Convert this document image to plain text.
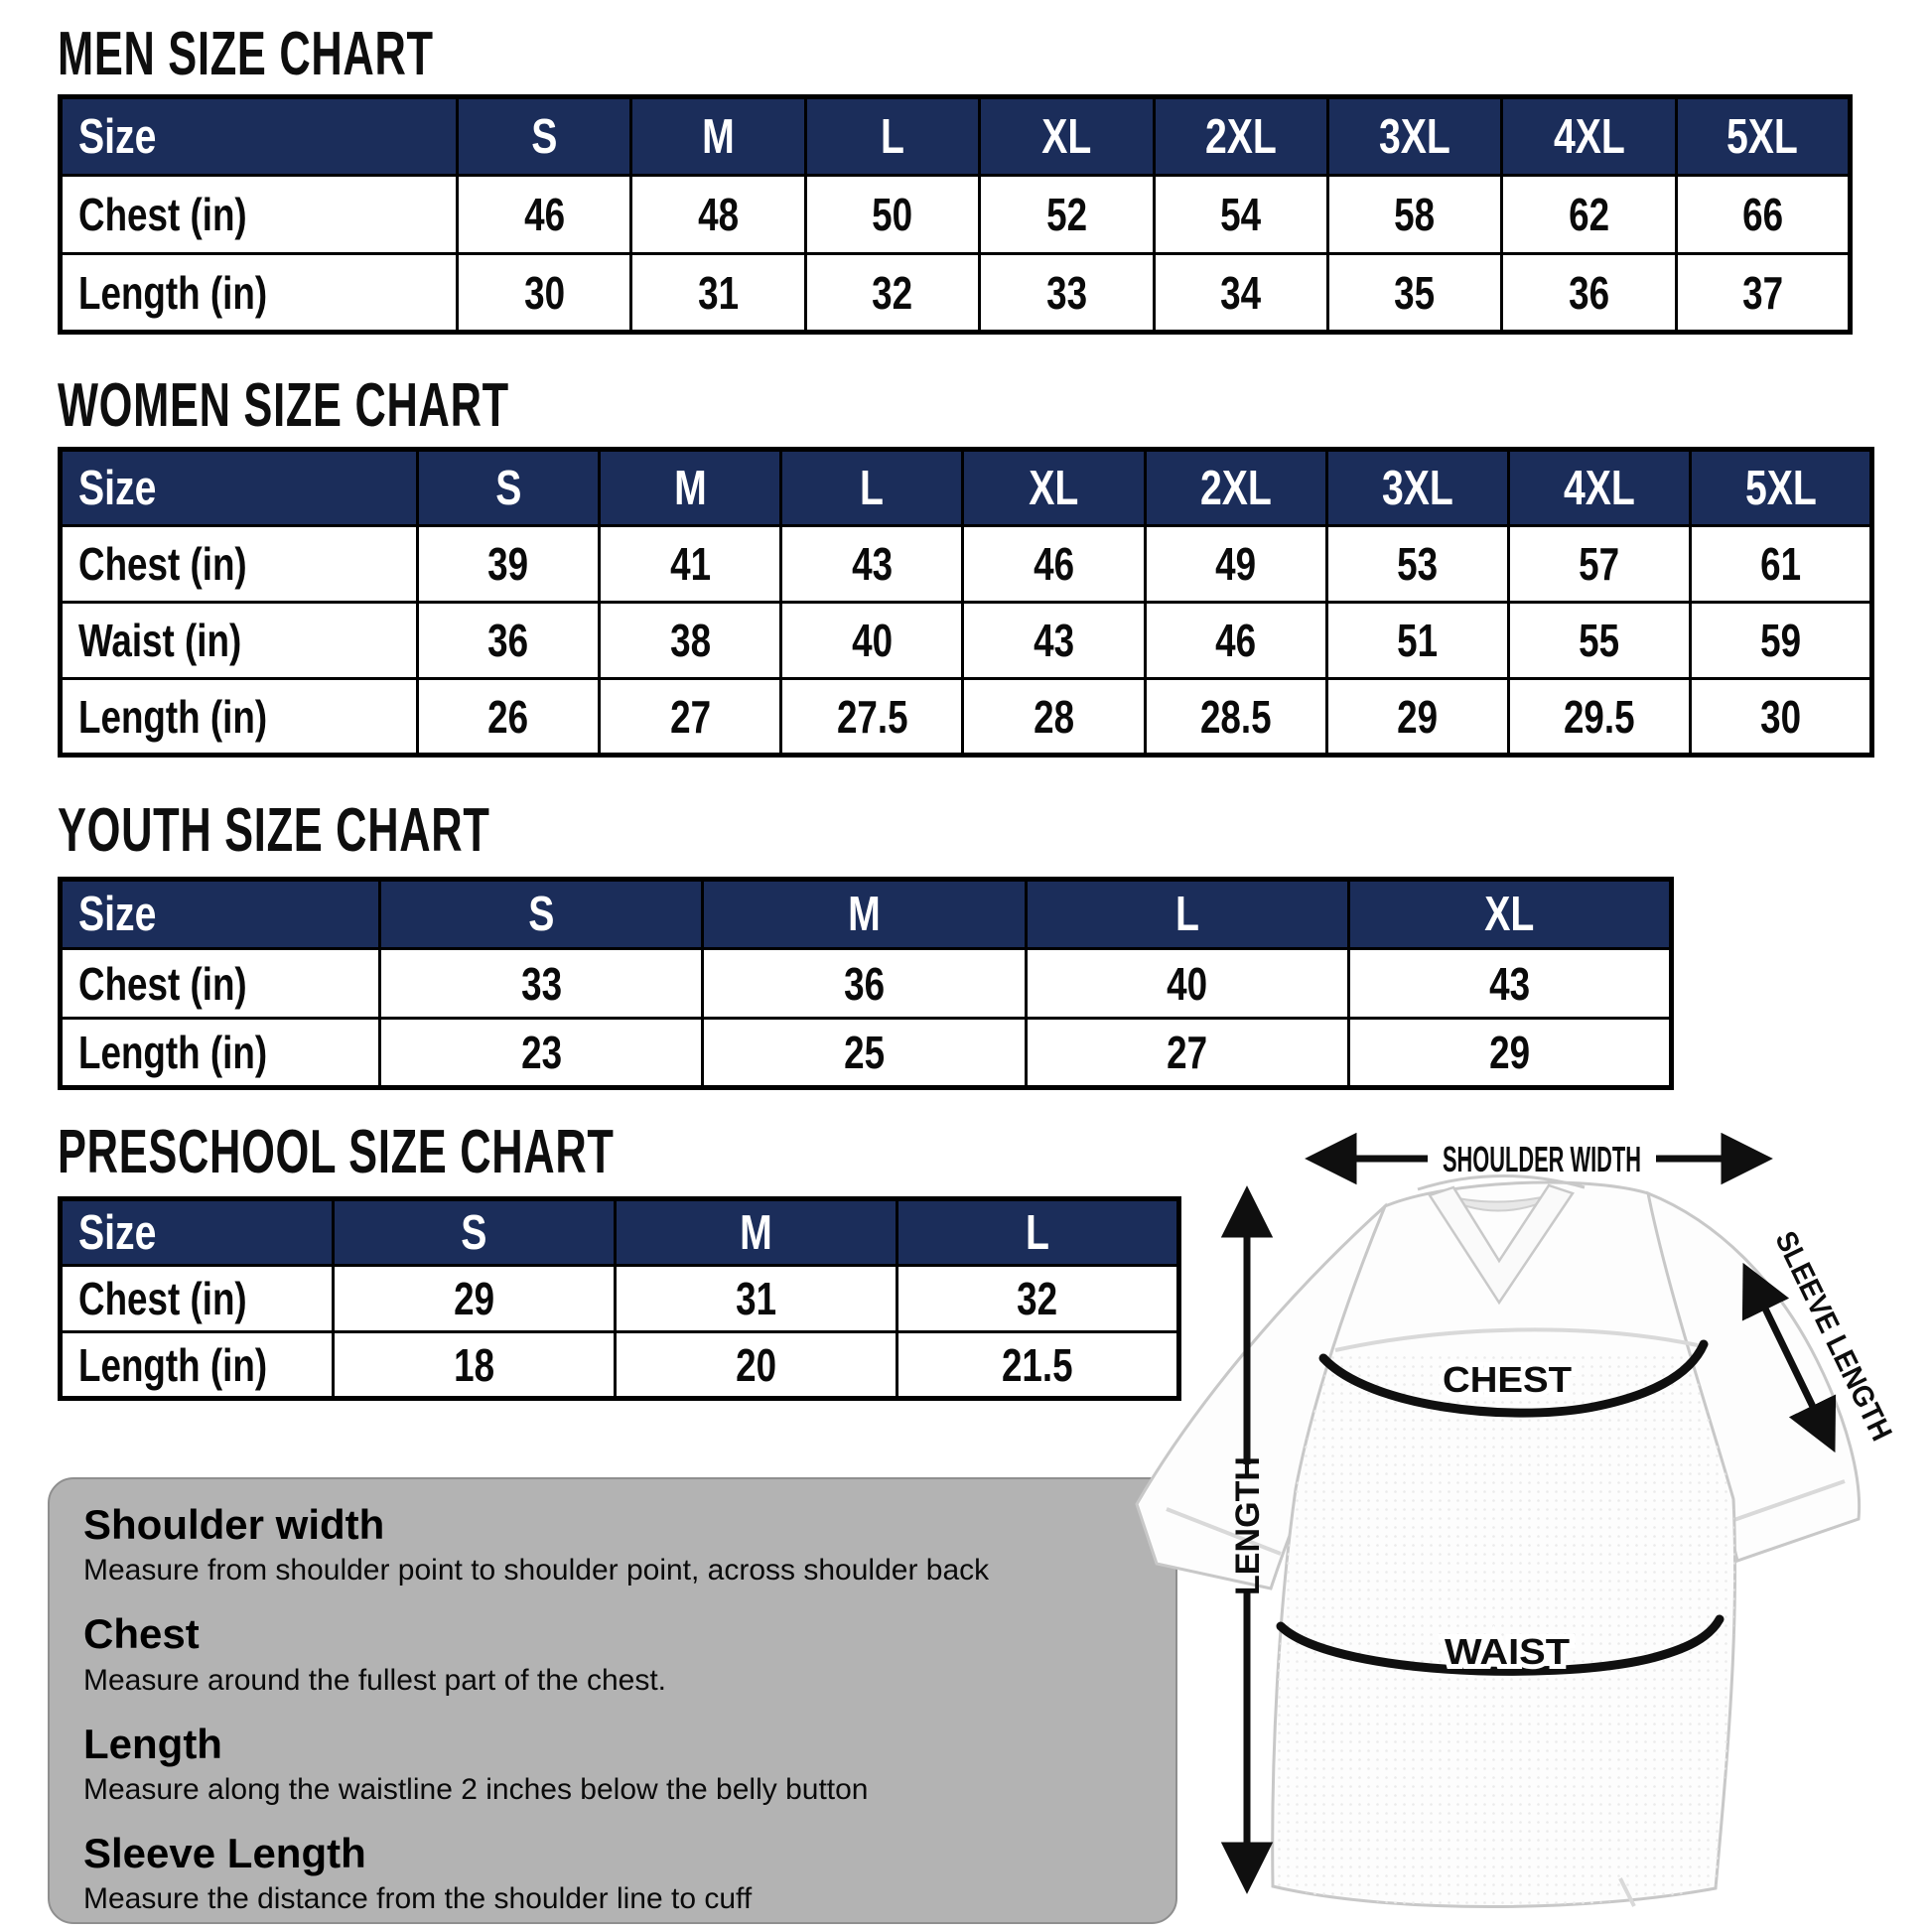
MEN SIZE CHART
WOMEN SIZE CHART
YOUTH SIZE CHART
PRESCHOOL SIZE CHART
Size	S	M	L	XL	2XL	3XL	4XL	5XL
Chest (in)	46	48	50	52	54	58	62	66
Length (in)	30	31	32	33	34	35	36	37
Size	S	M	L	XL	2XL	3XL	4XL	5XL
Chest (in)	39	41	43	46	49	53	57	61
Waist (in)	36	38	40	43	46	51	55	59
Length (in)	26	27	27.5	28	28.5	29	29.5	30
Size	S	M	L	XL
Chest (in)	33	36	40	43
Length (in)	23	25	27	29
Size	S	M	L
Chest (in)	29	31	32
Length (in)	18	20	21.5
Shoulder width
Measure from shoulder point to shoulder point, across shoulder back
Chest
Measure around the fullest part of the chest.
Length
Measure along the waistline 2 inches below the belly button
Sleeve Length
Measure the distance from the shoulder line to cuff
SHOULDER WIDTH
LENGTH
SLEEVE LENGTH
CHEST
WAIST
